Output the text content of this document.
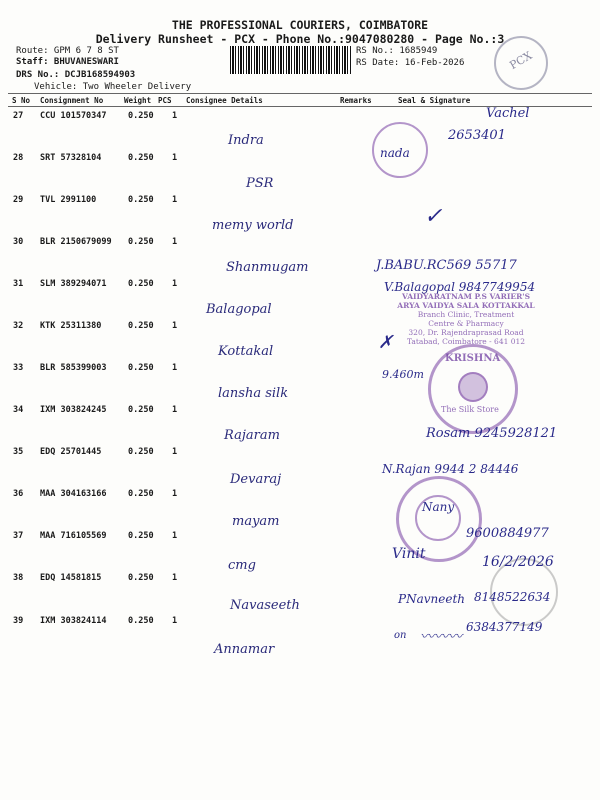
THE PROFESSIONAL COURIERS, COIMBATORE
Delivery Runsheet - PCX - Phone No.:9047080280 - Page No.:3
Route: GPM 6 7 8 ST
Staff: BHUVANESWARI
DRS No.: DCJB168594903
Vehicle: Two Wheeler Delivery
RS No.: 1685949
RS Date: 16-Feb-2026	PCX
S No Consignment No	Weight PCS Consignee Details	Remarks	Seal & Signature
27 CCU 101570347	0.250 1
Indra
28 SRT 57328104	0.250 1
PSR
29 TVL 2991100	0.250 1
memy world
30 BLR 2150679099 0.250 1
Shanmugam
31 SLM 389294071	0.250 1
Balagopal
32 KTK 25311380	0.250 1
Kottakal
33 BLR 585399003	0.250 1
lansha silk
34 IXM 303824245	0.250 1
Rajaram
35 EDQ 25701445	0.250 1
Devaraj
36 MAA 304163166	0.250 1
mayam
37 MAA 716105569	0.250 1
cmg
38 EDQ 14581815	0.250 1
Navaseeth
39 IXM 303824114	0.250 1
Annamar
VAIDYARATNAM P.S VARIER'S
ARYA VAIDYA SALA KOTTAKKAL
Branch Clinic, Treatment
Centre & Pharmacy
320, Dr. Rajendraprasad Road
Tatabad, Coimbatore - 641 012
KRISHNA
The Silk Store
Vachel
2653401
nada
✓
J.BABU.RC569 55717
V.Balagopal 9847749954
✗
9.460m
Rosam 9245928121
N.Rajan 9944 2 84446
Nany
9600884977
Vinit	16/2/2026
PNavneeth 8148522634
on 〰〰〰
6384377149
